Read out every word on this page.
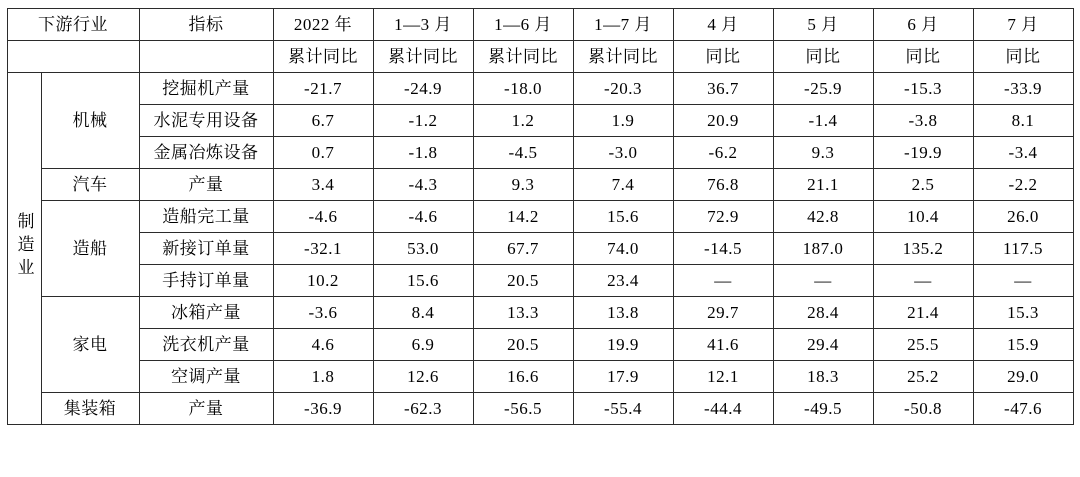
下游行业		指标	2022 年	1—3 月	1—6 月	1—7 月	4 月	5 月	6 月	7 月
			累计同比	累计同比	累计同比	累计同比	同比	同比	同比	同比
制造业	机械	挖掘机产量	-21.7	-24.9	-18.0	-20.3	36.7	-25.9	-15.3	-33.9
		水泥专用设备	6.7	-1.2	1.2	1.9	20.9	-1.4	-3.8	8.1
		金属冶炼设备	0.7	-1.8	-4.5	-3.0	-6.2	9.3	-19.9	-3.4
	汽车	产量	3.4	-4.3	9.3	7.4	76.8	21.1	2.5	-2.2
	造船	造船完工量	-4.6	-4.6	14.2	15.6	72.9	42.8	10.4	26.0
		新接订单量	-32.1	53.0	67.7	74.0	-14.5	187.0	135.2	117.5
		手持订单量	10.2	15.6	20.5	23.4	—	—	—	—
	家电	冰箱产量	-3.6	8.4	13.3	13.8	29.7	28.4	21.4	15.3
		洗衣机产量	4.6	6.9	20.5	19.9	41.6	29.4	25.5	15.9
		空调产量	1.8	12.6	16.6	17.9	12.1	18.3	25.2	29.0
	集装箱	产量	-36.9	-62.3	-56.5	-55.4	-44.4	-49.5	-50.8	-47.6
